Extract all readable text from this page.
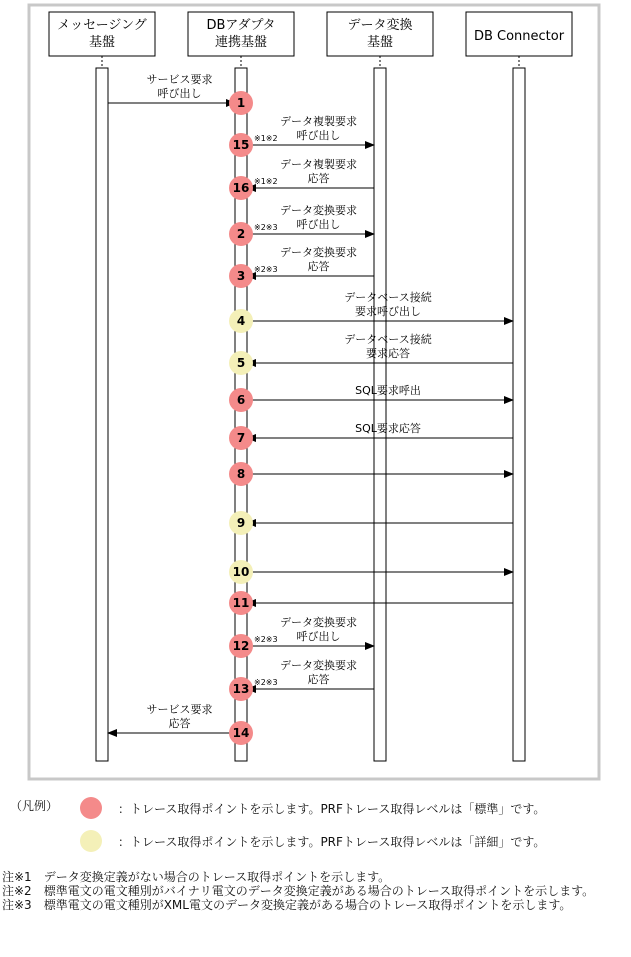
メッセージング
基盤
DBアダプタ
連携基盤
データ変換
基盤	DB Connector
サービス要求
呼び出し
データ複製要求
呼び出し
※1※2
データ複製要求
応答
※1※2
データ変換要求
呼び出し
※2※3
データ変換要求
応答
※2※3
データベース接続
要求呼び出し
データベース接続
要求応答
SQL要求呼出
SQL要求応答
データ変換要求
呼び出し
※2※3
データ変換要求
応答
※2※3
サービス要求
応答
1
15
16
2
3
4
5
6
7
8
9
10
11
12
13
14
（凡例）	：トレース取得ポイントを示します。PRFトレース取得レベルは「標準」です。
：トレース取得ポイントを示します。PRFトレース取得レベルは「詳細」です。

注※1　データ変換定義がない場合のトレース取得ポイントを示します。

注※2　標準電文の電文種別がバイナリ電文のデータ変換定義がある場合のトレース取得ポイントを示します。

注※3　標準電文の電文種別がXML電文のデータ変換定義がある場合のトレース取得ポイントを示します。
